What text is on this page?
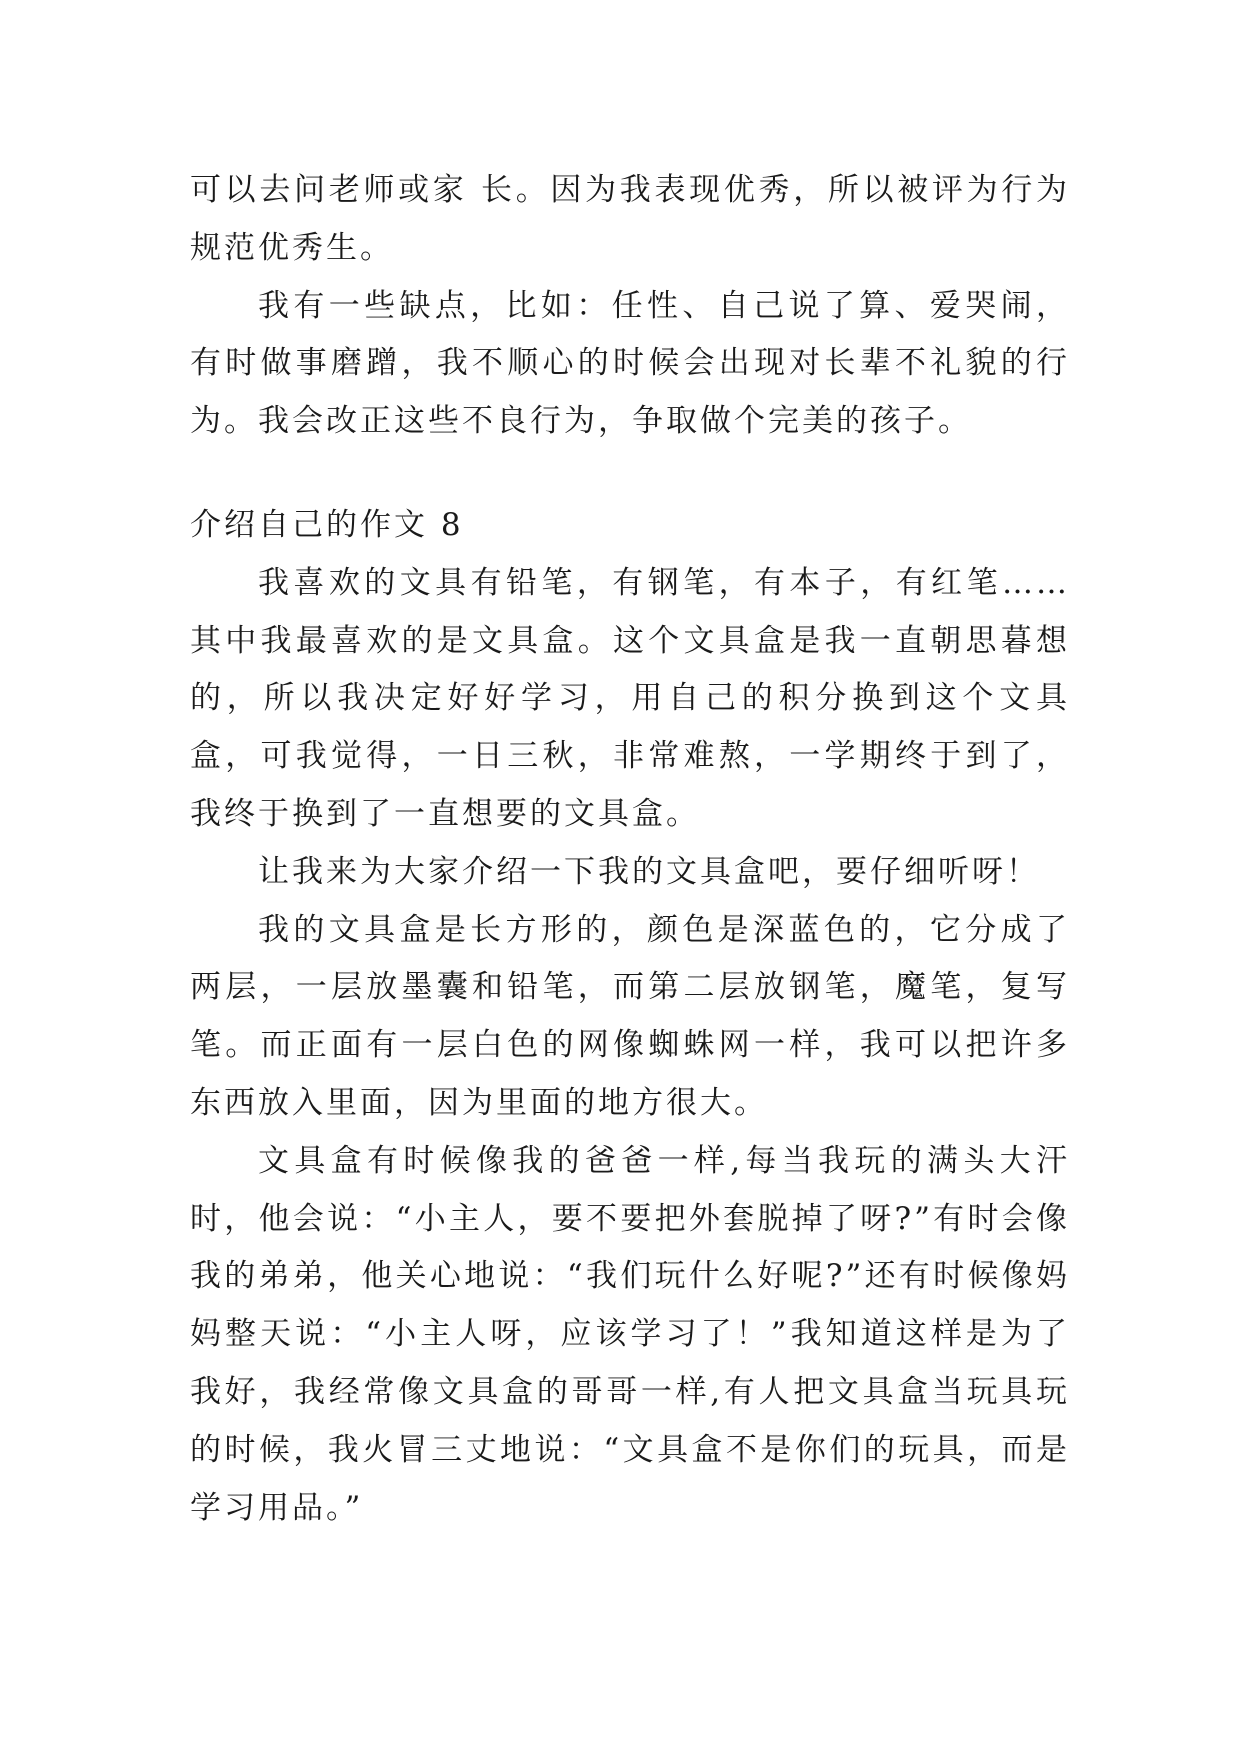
可以去问老师或家 长。因为我表现优秀，所以被评为行为规范优秀生。

我有一些缺点，比如：任性、自己说了算、爱哭闹，有时做事磨蹭，我不顺心的时候会出现对长辈不礼貌的行为。我会改正这些不良行为，争取做个完美的孩子。

介绍自己的作文 8

我喜欢的文具有铅笔，有钢笔，有本子，有红笔……其中我最喜欢的是文具盒。这个文具盒是我一直朝思暮想的，所以我决定好好学习，用自己的积分换到这个文具盒，可我觉得，一日三秋，非常难熬，一学期终于到了，我终于换到了一直想要的文具盒。

让我来为大家介绍一下我的文具盒吧，要仔细听呀！

我的文具盒是长方形的，颜色是深蓝色的，它分成了两层，一层放墨囊和铅笔，而第二层放钢笔，魔笔，复写笔。而正面有一层白色的网像蜘蛛网一样，我可以把许多东西放入里面，因为里面的地方很大。

文具盒有时候像我的爸爸一样,每当我玩的满头大汗时，他会说：“小主人，要不要把外套脱掉了呀?”有时会像我的弟弟，他关心地说：“我们玩什么好呢?”还有时候像妈妈整天说：“小主人呀，应该学习了！”我知道这样是为了我好，我经常像文具盒的哥哥一样,有人把文具盒当玩具玩的时候，我火冒三丈地说：“文具盒不是你们的玩具，而是学习用品。”
